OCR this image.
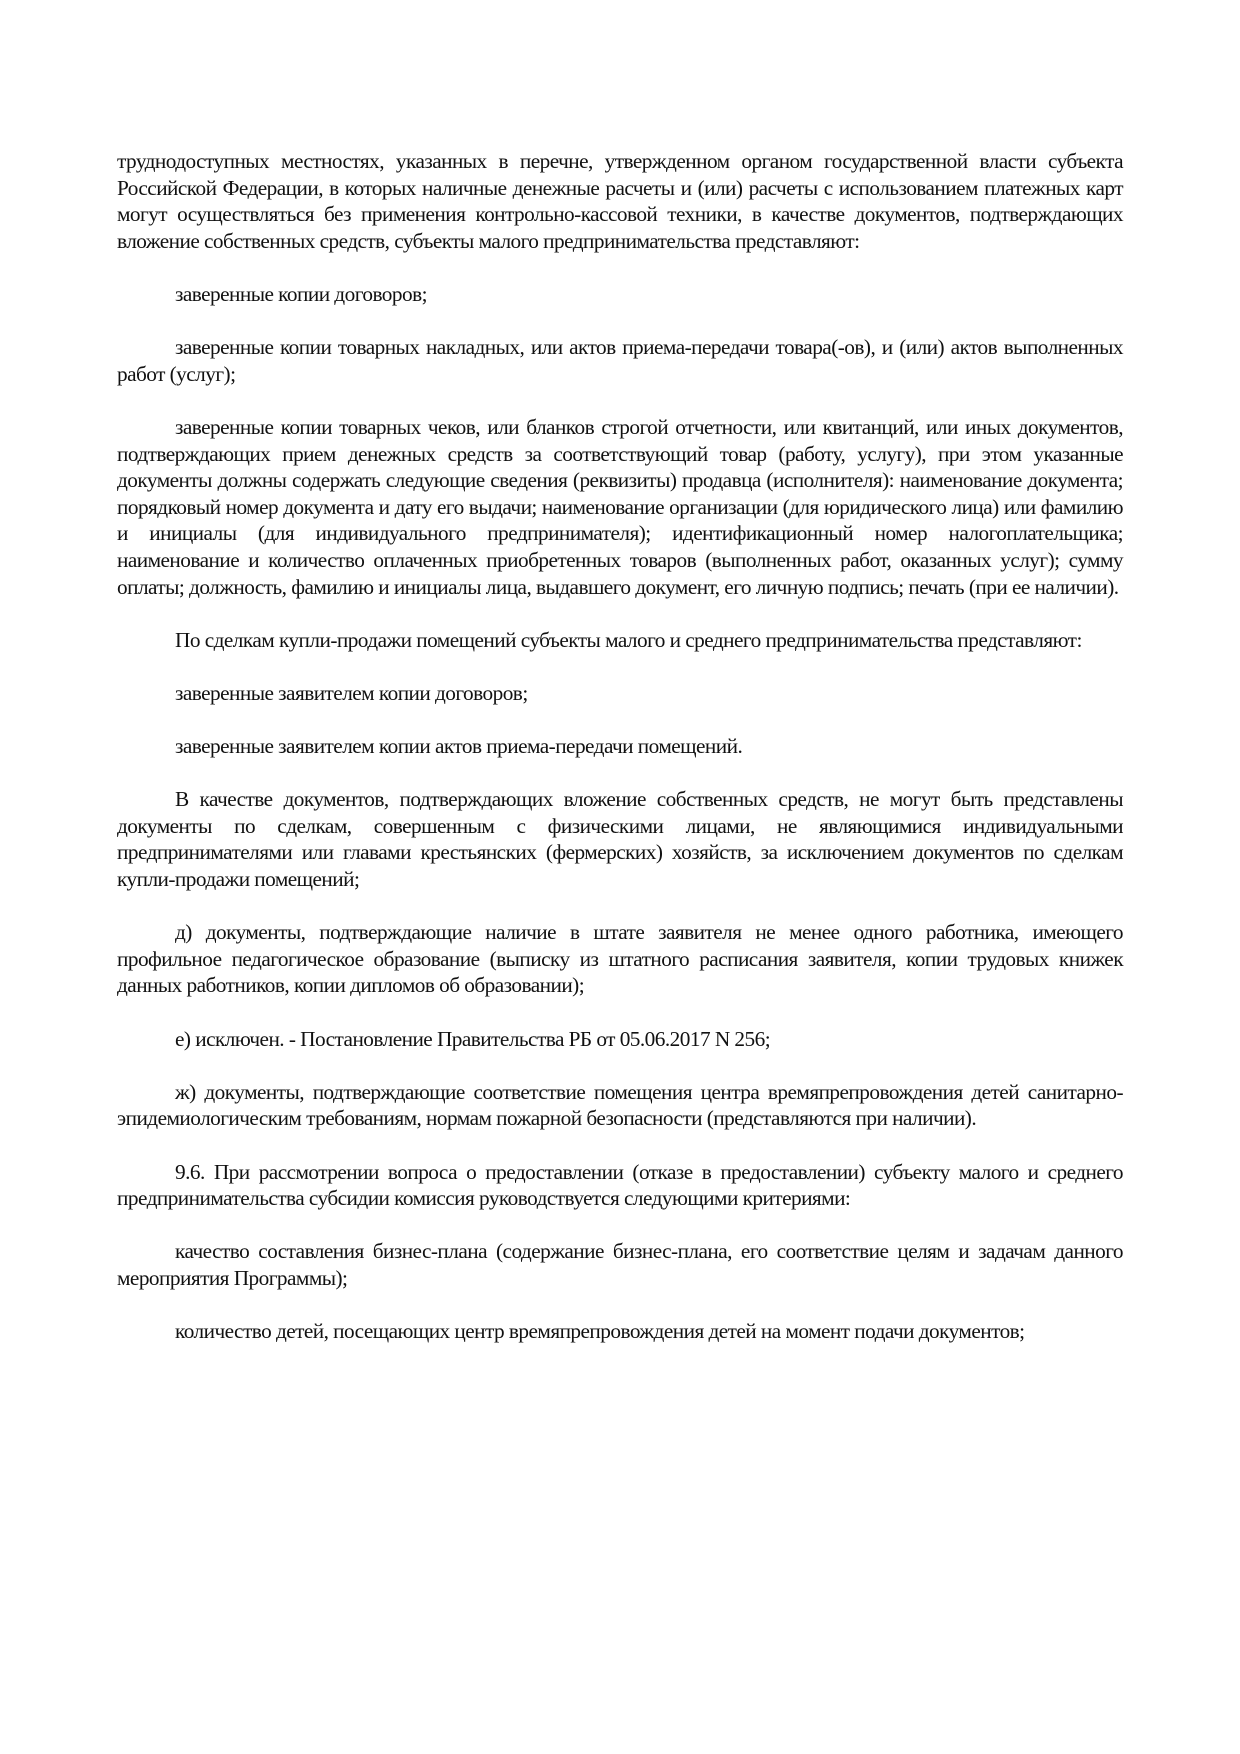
труднодоступных местностях, указанных в перечне, утвержденном органом государственной власти субъекта Российской Федерации, в которых наличные денежные расчеты и (или) расчеты с использованием платежных карт могут осуществляться без применения контрольно-кассовой техники, в качестве документов, подтверждающих вложение собственных средств, субъекты малого предпринимательства представляют:

заверенные копии договоров;

заверенные копии товарных накладных, или актов приема-передачи товара(-ов), и (или) актов выполненных работ (услуг);

заверенные копии товарных чеков, или бланков строгой отчетности, или квитанций, или иных документов, подтверждающих прием денежных средств за соответствующий товар (работу, услугу), при этом указанные документы должны содержать следующие сведения (реквизиты) продавца (исполнителя): наименование документа; порядковый номер документа и дату его выдачи; наименование организации (для юридического лица) или фамилию и инициалы (для индивидуального предпринимателя); идентификационный номер налогоплательщика; наименование и количество оплаченных приобретенных товаров (выполненных работ, оказанных услуг); сумму оплаты; должность, фамилию и инициалы лица, выдавшего документ, его личную подпись; печать (при ее наличии).

По сделкам купли-продажи помещений субъекты малого и среднего предпринимательства представляют:

заверенные заявителем копии договоров;

заверенные заявителем копии актов приема-передачи помещений.

В качестве документов, подтверждающих вложение собственных средств, не могут быть представлены документы по сделкам, совершенным с физическими лицами, не являющимися индивидуальными предпринимателями или главами крестьянских (фермерских) хозяйств, за исключением документов по сделкам купли-продажи помещений;

д) документы, подтверждающие наличие в штате заявителя не менее одного работника, имеющего профильное педагогическое образование (выписку из штатного расписания заявителя, копии трудовых книжек данных работников, копии дипломов об образовании);

е) исключен. - Постановление Правительства РБ от 05.06.2017 N 256;

ж) документы, подтверждающие соответствие помещения центра времяпрепровождения детей санитарно-эпидемиологическим требованиям, нормам пожарной безопасности (представляются при наличии).

9.6. При рассмотрении вопроса о предоставлении (отказе в предоставлении) субъекту малого и среднего предпринимательства субсидии комиссия руководствуется следующими критериями:

качество составления бизнес-плана (содержание бизнес-плана, его соответствие целям и задачам данного мероприятия Программы);

количество детей, посещающих центр времяпрепровождения детей на момент подачи документов;
